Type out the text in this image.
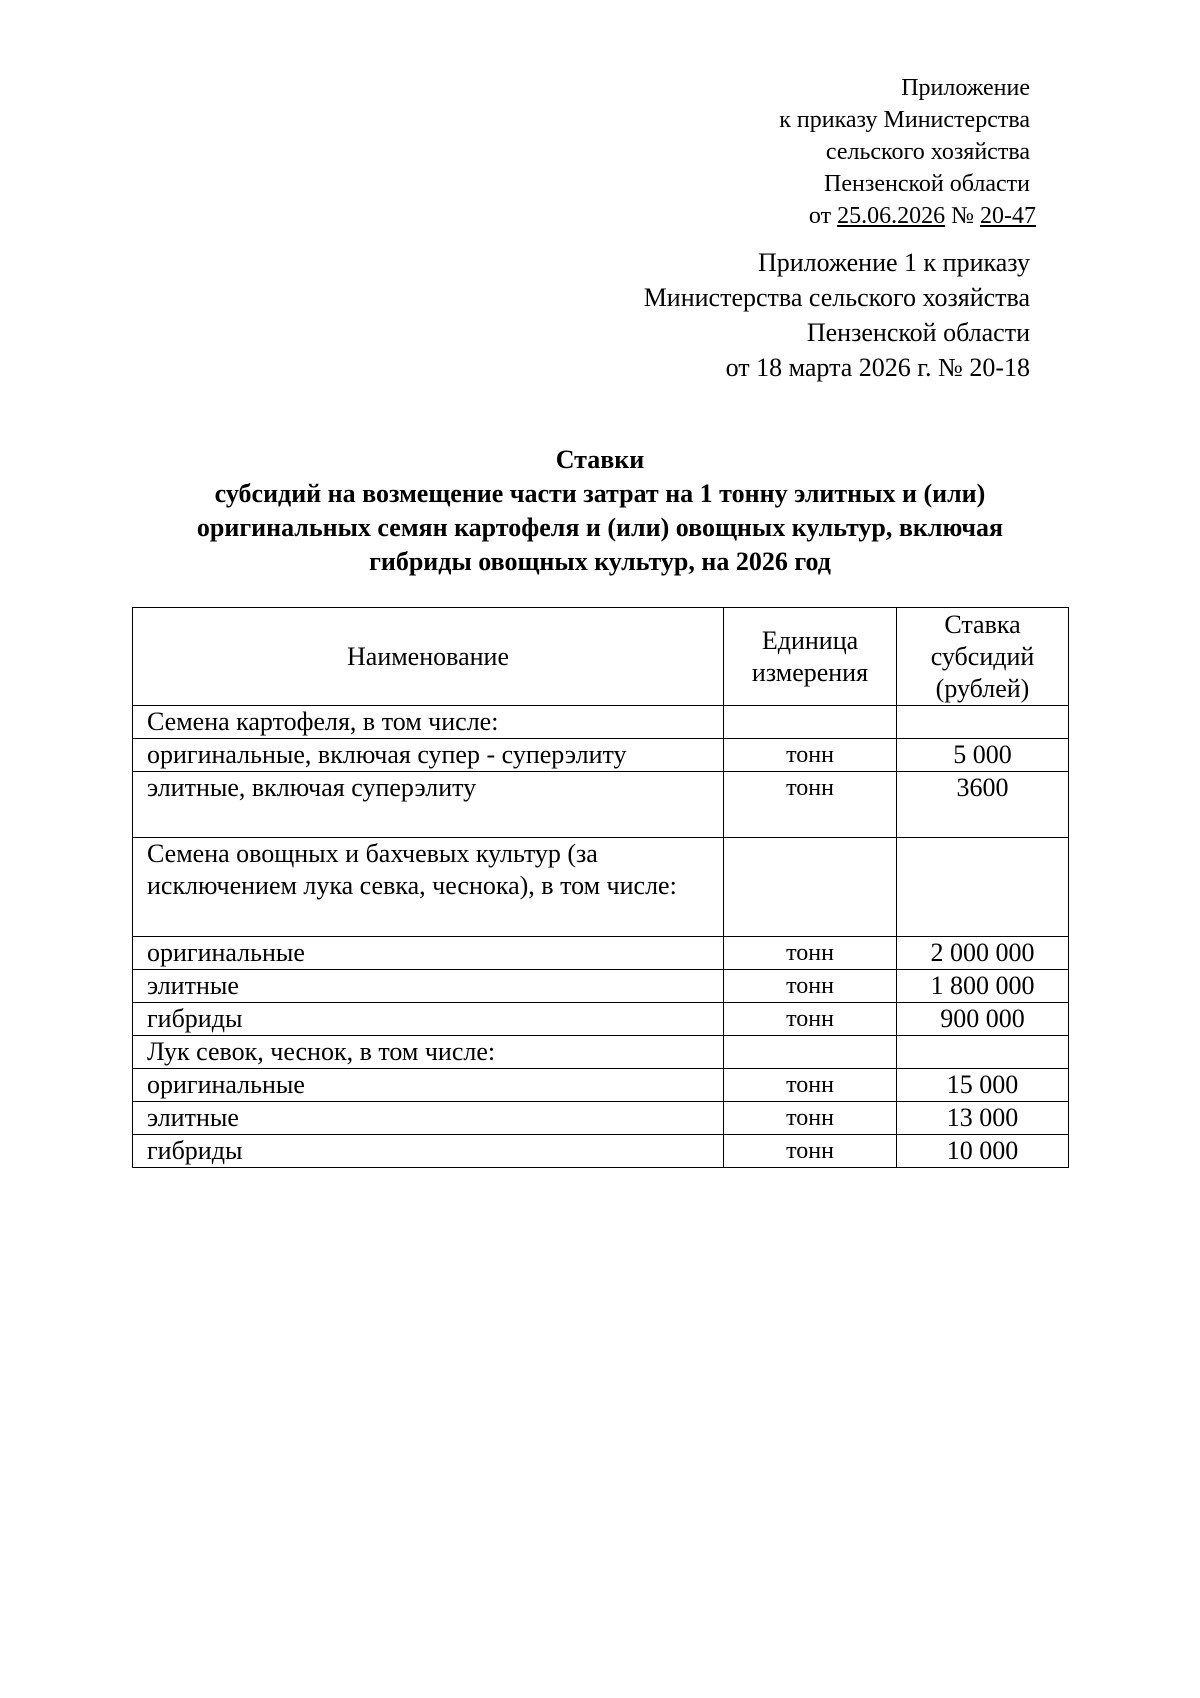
Приложение
к приказу Министерства
сельского хозяйства
Пензенской области
от 25.06.2026 № 20-47
Приложение 1 к приказу
Министерства сельского хозяйства
Пензенской области
от 18 марта 2026 г. № 20-18
Ставки
субсидий на возмещение части затрат на 1 тонну элитных и (или)
оригинальных семян картофеля и (или) овощных культур, включая
гибриды овощных культур, на 2026 год
Наименование	Единица измерения	Ставка субсидий (рублей)
Семена картофеля, в том числе:		
оригинальные, включая супер - суперэлиту	тонн	5 000
элитные, включая суперэлиту	тонн	3600
Семена овощных и бахчевых культур (за исключением лука севка, чеснока), в том числе:		
оригинальные	тонн	2 000 000
элитные	тонн	1 800 000
гибриды	тонн	900 000
Лук севок, чеснок, в том числе:		
оригинальные	тонн	15 000
элитные	тонн	13 000
гибриды	тонн	10 000
